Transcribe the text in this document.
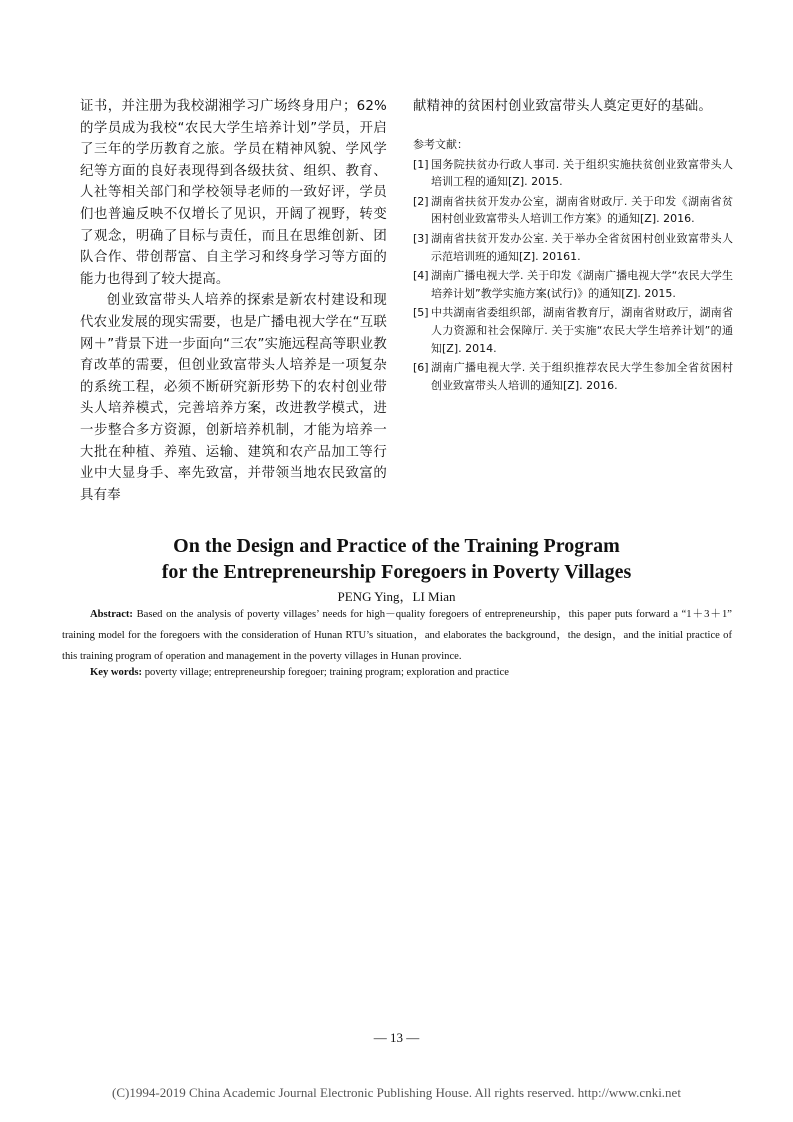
证书，并注册为我校湖湘学习广场终身用户；62%的学员成为我校“农民大学生培养计划”学员，开启了三年的学历教育之旅。学员在精神风貌、学风学纪等方面的良好表现得到各级扶贫、组织、教育、人社等相关部门和学校领导老师的一致好评，学员们也普遍反映不仅增长了见识，开阔了视野，转变了观念，明确了目标与责任，而且在思维创新、团队合作、带创帮富、自主学习和终身学习等方面的能力也得到了较大提高。

创业致富带头人培养的探索是新农村建设和现代农业发展的现实需要，也是广播电视大学在“互联网＋”背景下进一步面向“三农”实施远程高等职业教育改革的需要，但创业致富带头人培养是一项复杂的系统工程，必须不断研究新形势下的农村创业带头人培养模式，完善培养方案，改进教学模式，进一步整合多方资源，创新培养机制，才能为培养一大批在种植、养殖、运输、建筑和农产品加工等行业中大显身手、率先致富，并带领当地农民致富的具有奉

献精神的贫困村创业致富带头人奠定更好的基础。

参考文献：
[1] 国务院扶贫办行政人事司. 关于组织实施扶贫创业致富带头人培训工程的通知[Z]. 2015.
[2] 湖南省扶贫开发办公室，湖南省财政厅. 关于印发《湖南省贫困村创业致富带头人培训工作方案》的通知[Z]. 2016.
[3] 湖南省扶贫开发办公室. 关于举办全省贫困村创业致富带头人示范培训班的通知[Z]. 20161.
[4] 湖南广播电视大学. 关于印发《湖南广播电视大学“农民大学生培养计划”教学实施方案(试行)》的通知[Z]. 2015.
[5] 中共湖南省委组织部，湖南省教育厅，湖南省财政厅，湖南省人力资源和社会保障厅. 关于实施“农民大学生培养计划”的通知[Z]. 2014.
[6] 湖南广播电视大学. 关于组织推荐农民大学生参加全省贫困村创业致富带头人培训的通知[Z]. 2016.
On the Design and Practice of the Training Program
for the Entrepreneurship Foregoers in Poverty Villages
PENG Ying，LI Mian

Abstract: Based on the analysis of poverty villages’ needs for high－quality foregoers of entrepreneurship，this paper puts forward a “1＋3＋1” training model for the foregoers with the consideration of Hunan RTU’s situation，and elaborates the background，the design，and the initial practice of this training program of operation and management in the poverty villages in Hunan province.

Key words: poverty village; entrepreneurship foregoer; training program; exploration and practice

— 13 —
(C)1994-2019 China Academic Journal Electronic Publishing House. All rights reserved. http://www.cnki.net
